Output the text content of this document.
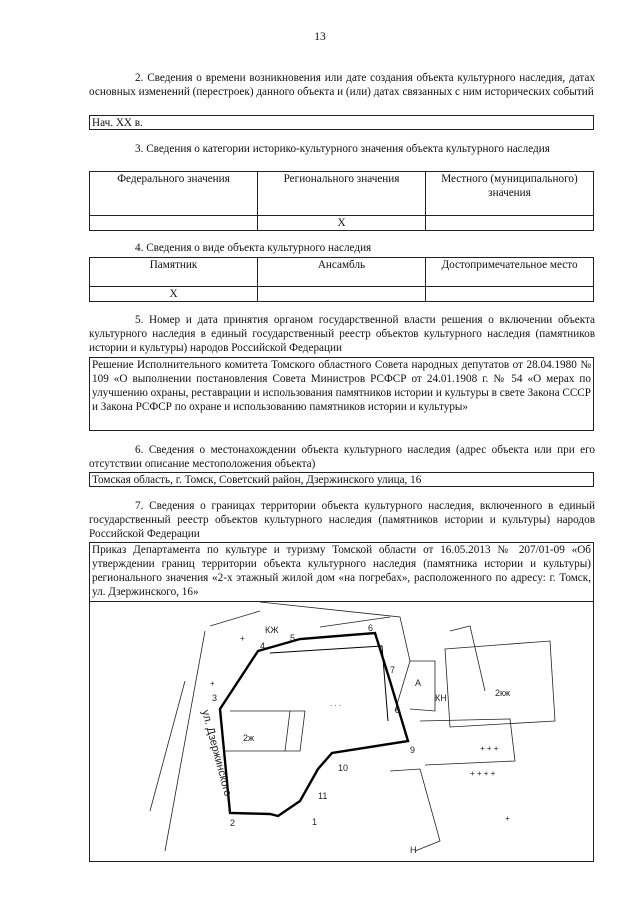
13
2. Сведения о времени возникновения или дате создания объекта культурного наследия, датах основных изменений (перестроек) данного объекта и (или) датах связанных с ним исторических событий
Нач. XX в.
3. Сведения о категории историко-культурного значения объекта культурного наследия
Федерального значения	Регионального значения	Местного (муниципального) значения
	X	
4. Сведения о виде объекта культурного наследия
Памятник	Ансамбль	Достопримечательное место
X		
5. Номер и дата принятия органом государственной власти решения о включении объекта культурного наследия в единый государственный реестр объектов культурного наследия (памятников истории и культуры) народов Российской Федерации
Решение Исполнительного комитета Томского областного Совета народных депутатов от 28.04.1980 № 109 «О выполнении постановления Совета Министров РСФСР от 24.01.1908 г. № 54 «О мерах по улучшению охраны, реставрации и использования памятников истории и культуры в свете Закона СССР и Закона РСФСР по охране и использованию памятников истории и культуры»
6. Сведения о местонахождении объекта культурного наследия (адрес объекта или при его отсутствии описание местоположения объекта)
Томская область, г. Томск, Советский район, Дзержинского улица, 16
7. Сведения о границах территории объекта культурного наследия, включенного в единый государственный реестр объектов культурного наследия (памятников истории и культуры) народов Российской Федерации
Приказ Департамента по культуре и туризму Томской области от 16.05.2013 № 207/01-09 «Об утверждении границ территории объекта культурного наследия (памятника истории и культуры) регионального значения «2-х этажный жилой дом «на погребах», расположенного по адресу: г. Томск, ул. Дзержинского, 16»
+
+
. . .
+ + +
+ + + +
+
2ж
2кж
А
КН
Н
КЖ	6
7
8
9
10
11
1
2
3
4
5
ул. Дзержинского
